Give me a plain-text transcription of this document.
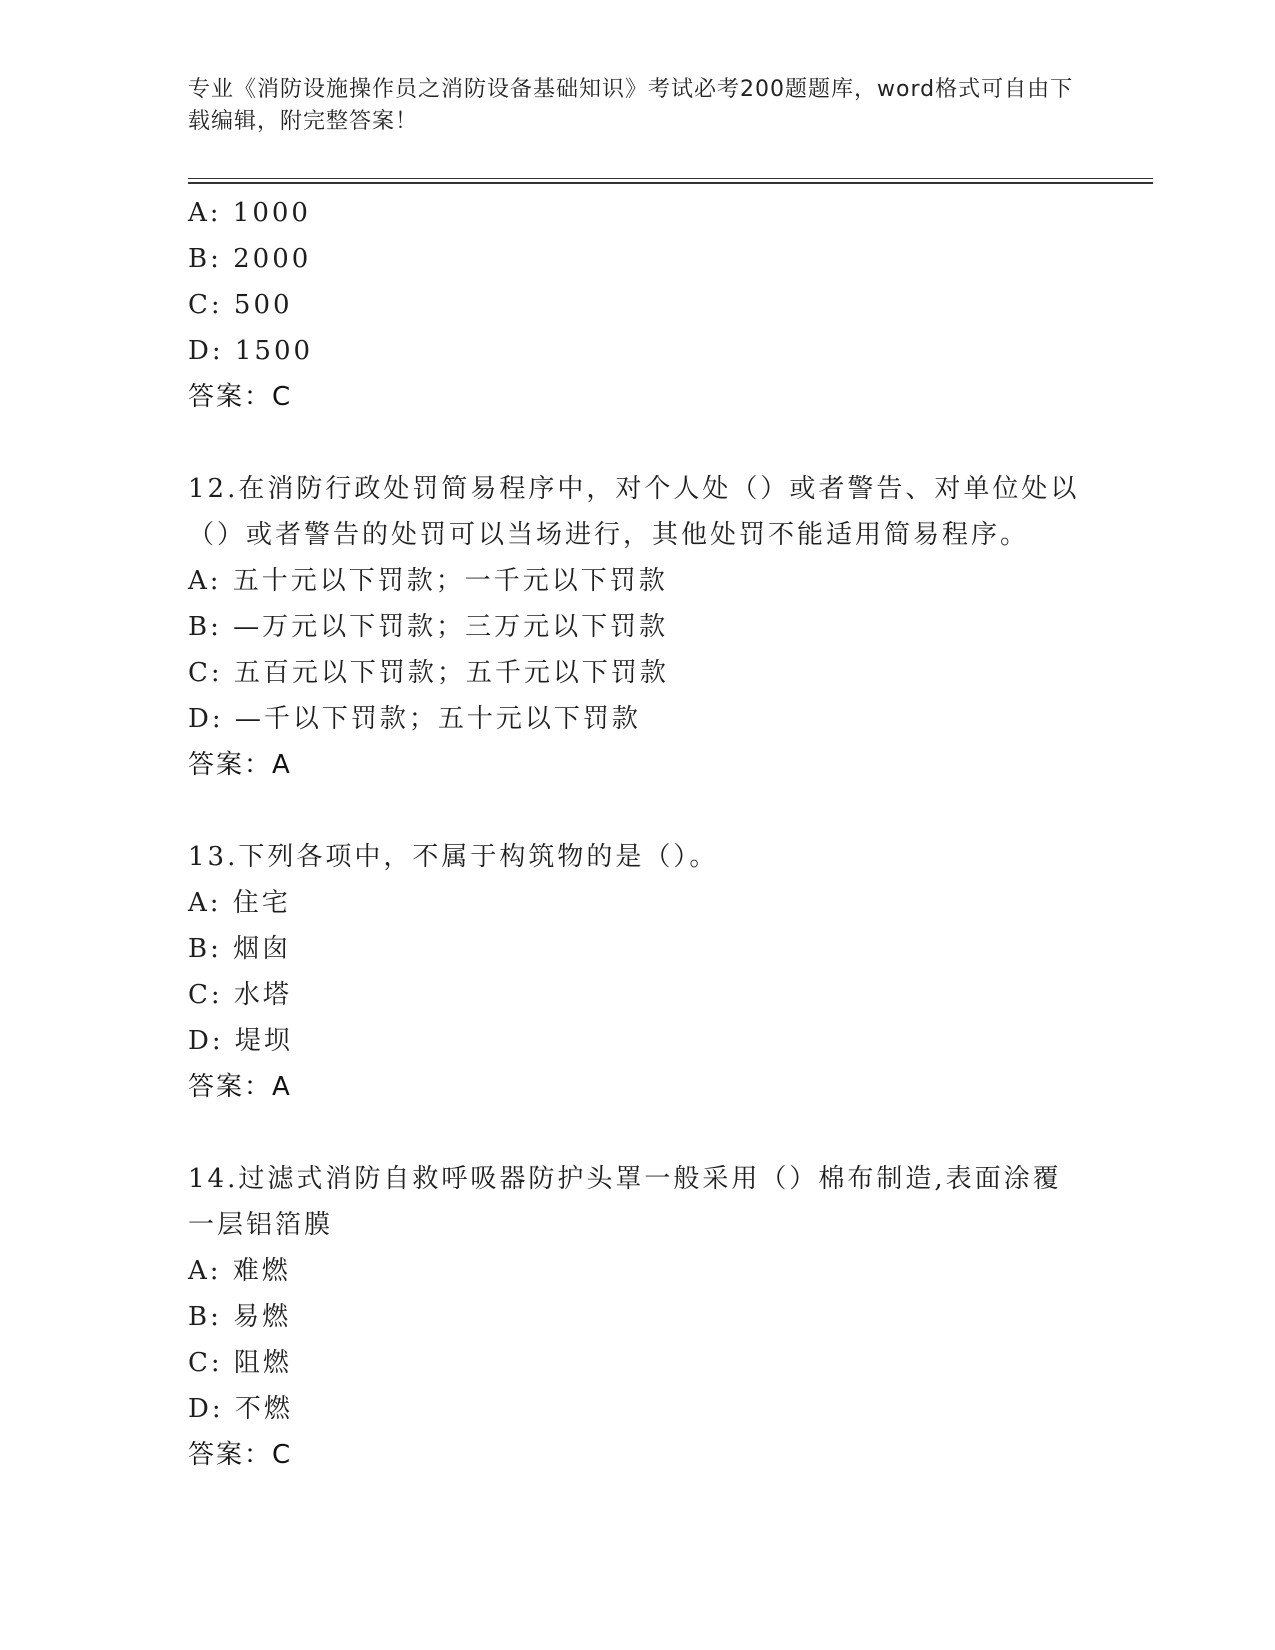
专业《消防设施操作员之消防设备基础知识》考试必考200题题库，word格式可自由下载编辑，附完整答案！
A: 1000
B: 2000
C: 500
D: 1500
答案：C
12.在消防行政处罚简易程序中，对个人处（）或者警告、对单位处以（）或者警告的处罚可以当场进行，其他处罚不能适用简易程序。
A: 五十元以下罚款；一千元以下罚款
B: —万元以下罚款；三万元以下罚款
C: 五百元以下罚款；五千元以下罚款
D: —千以下罚款；五十元以下罚款
答案：A
13.下列各项中，不属于构筑物的是（）。
A: 住宅
B: 烟囱
C: 水塔
D: 堤坝
答案：A
14.过滤式消防自救呼吸器防护头罩一般采用（）棉布制造,表面涂覆一层铝箔膜
A: 难燃
B: 易燃
C: 阻燃
D: 不燃
答案：C
